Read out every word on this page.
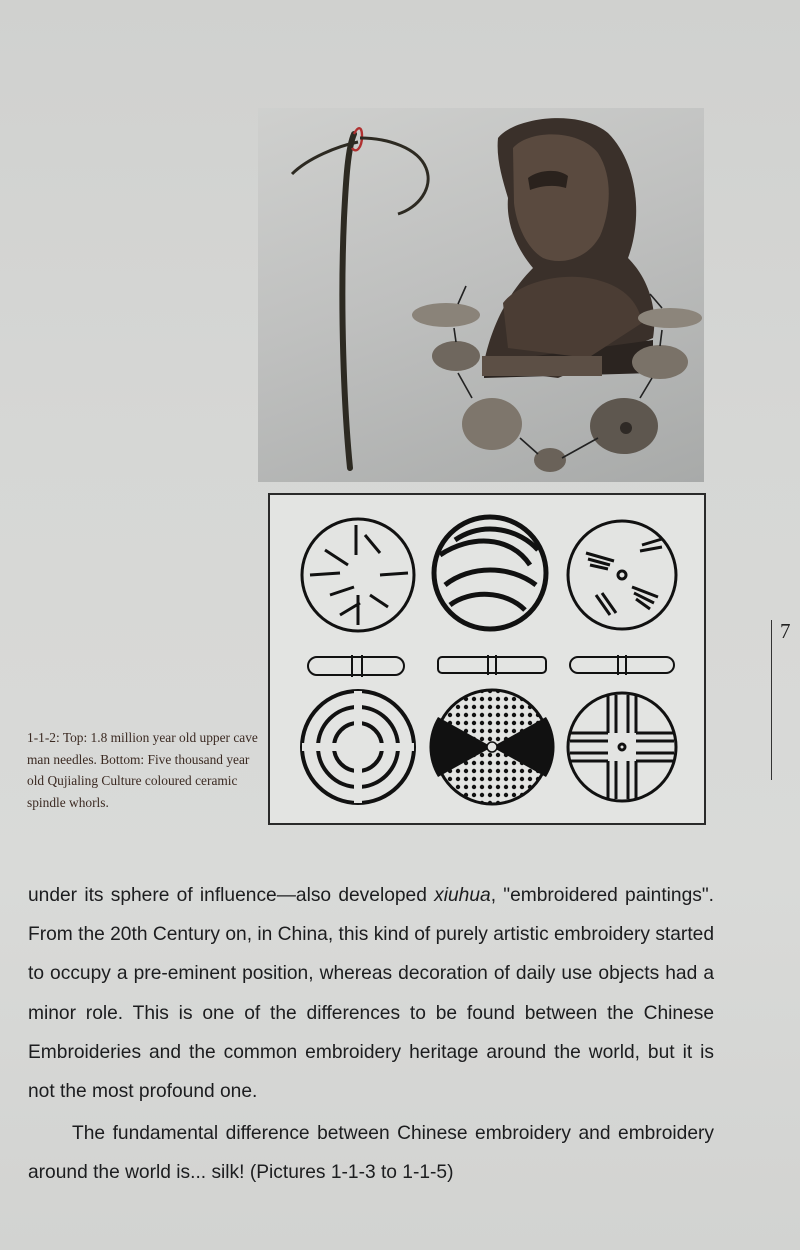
1-1-2: Top: 1.8 million year old upper cave man needles. Bottom: Five thousand year old Qujialing Culture coloured ceramic spindle whorls.
7

under its sphere of influence—also developed xiuhua, "embroidered paintings". From the 20th Century on, in China, this kind of purely artistic embroidery started to occupy a pre-eminent position, whereas decoration of daily use objects had a minor role. This is one of the differences to be found between the Chinese Embroideries and the common embroidery heritage around the world, but it is not the most profound one.

The fundamental difference between Chinese embroidery and embroidery around the world is... silk! (Pictures 1-1-3 to 1-1-5)
